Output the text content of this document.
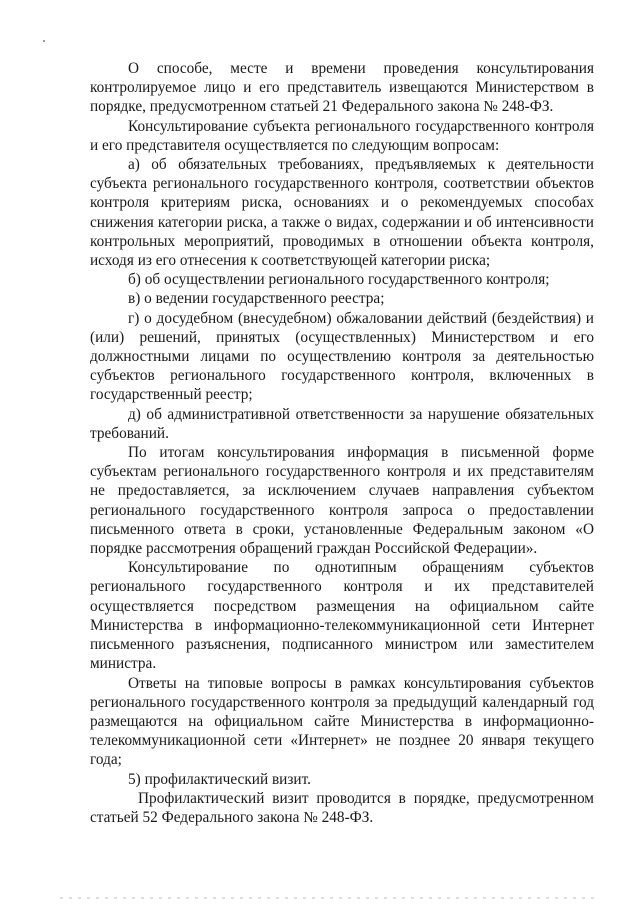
О способе, месте и времени проведения консультирования контролируемое лицо и его представитель извещаются Министерством в порядке, предусмотренном статьей 21 Федерального закона № 248-ФЗ.

Консультирование субъекта регионального государственного контроля и его представителя осуществляется по следующим вопросам:

а) об обязательных требованиях, предъявляемых к деятельности субъекта регионального государственного контроля, соответствии объектов контроля критериям риска, основаниях и о рекомендуемых способах снижения категории риска, а также о видах, содержании и об интенсивности контрольных мероприятий, проводимых в отношении объекта контроля, исходя из его отнесения к соответствующей категории риска;

б) об осуществлении регионального государственного контроля;

в) о ведении государственного реестра;

г) о досудебном (внесудебном) обжаловании действий (бездействия) и (или) решений, принятых (осуществленных) Министерством и его должностными лицами по осуществлению контроля за деятельностью субъектов регионального государственного контроля, включенных в государственный реестр;

д) об административной ответственности за нарушение обязательных требований.

По итогам консультирования информация в письменной форме субъектам регионального государственного контроля и их представителям не предоставляется, за исключением случаев направления субъектом регионального государственного контроля запроса о предоставлении письменного ответа в сроки, установленные Федеральным законом «О порядке рассмотрения обращений граждан Российской Федерации».

Консультирование по однотипным обращениям субъектов регионального государственного контроля и их представителей осуществляется посредством размещения на официальном сайте Министерства в информационно-телекоммуникационной сети Интернет письменного разъяснения, подписанного министром или заместителем министра.

Ответы на типовые вопросы в рамках консультирования субъектов регионального государственного контроля за предыдущий календарный год размещаются на официальном сайте Министерства в информационно-телекоммуникационной сети «Интернет» не позднее 20 января текущего года;

5) профилактический визит.

Профилактический визит проводится в порядке, предусмотренном статьей 52 Федерального закона № 248-ФЗ.
